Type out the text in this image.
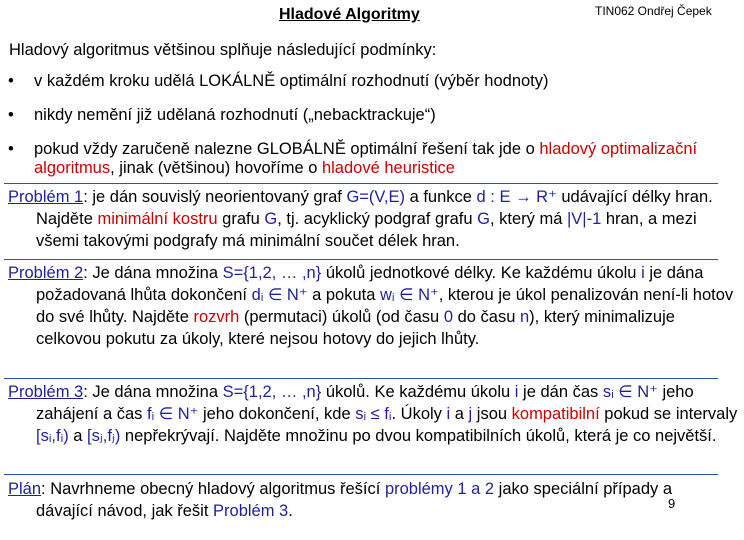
Hladové Algoritmy	TIN062 Ondřej Čepek
Hladový algoritmus většinou splňuje následující podmínky:
• v každém kroku udělá LOKÁLNĚ optimální rozhodnutí (výběr hodnoty)
• nikdy nemění již udělaná rozhodnutí („nebacktrackuje“)
• pokud vždy zaručeně nalezne GLOBÁLNĚ optimální řešení tak jde o hladový optimalizační algoritmus, jinak (většinou) hovoříme o hladové heuristice
Problém 1: je dán souvislý neorientovaný graf G=(V,E) a funkce d : E → R⁺ udávající délky hran. Najděte minimální kostru grafu G, tj. acyklický podgraf grafu G, který má |V|-1 hran, a mezi všemi takovými podgrafy má minimální součet délek hran.
Problém 2: Je dána množina S={1,2, … ,n} úkolů jednotkové délky. Ke každému úkolu i je dána požadovaná lhůta dokončení dᵢ ∈ N⁺ a pokuta wᵢ ∈ N⁺, kterou je úkol penalizován není-li hotov do své lhůty. Najděte rozvrh (permutaci) úkolů (od času 0 do času n), který minimalizuje celkovou pokutu za úkoly, které nejsou hotovy do jejich lhůty.
Problém 3: Je dána množina S={1,2, … ,n} úkolů. Ke každému úkolu i je dán čas sᵢ ∈ N⁺ jeho zahájení a čas fᵢ ∈ N⁺ jeho dokončení, kde sᵢ ≤ fᵢ. Úkoly i a j jsou kompatibilní pokud se intervaly [sᵢ,fᵢ) a [sⱼ,fⱼ) nepřekrývají. Najděte množinu po dvou kompatibilních úkolů, která je co největší.
Plán: Navrhneme obecný hladový algoritmus řešící problémy 1 a 2 jako speciální případy a dávající návod, jak řešit Problém 3.	9
